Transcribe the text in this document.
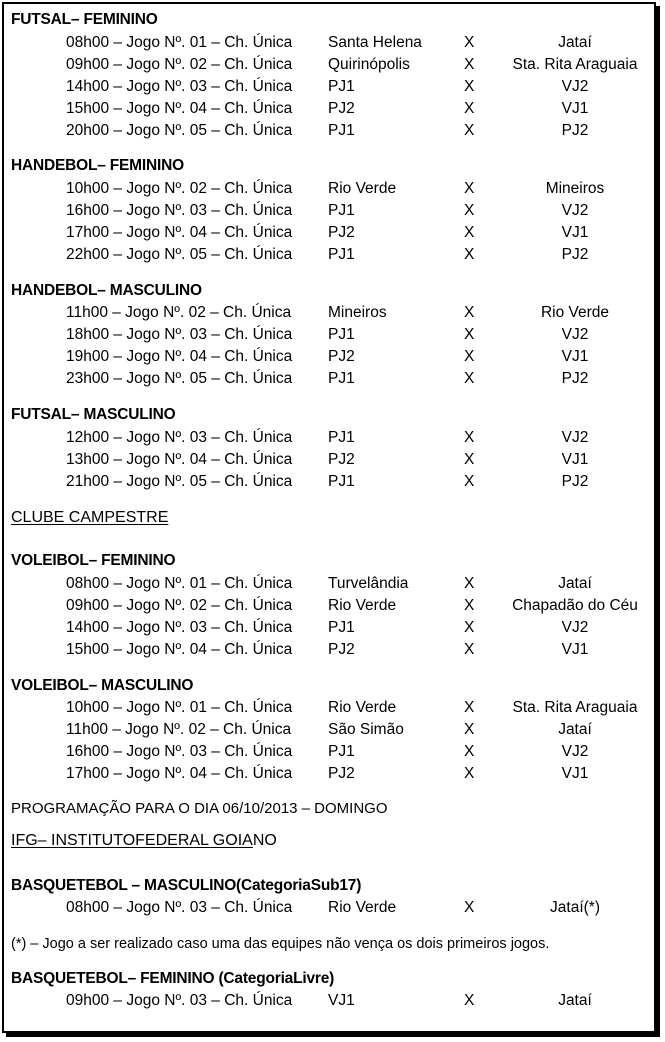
FUTSAL– FEMININO
08h00 – Jogo Nº. 01 – Ch. Única Santa Helena	X	Jataí
09h00 – Jogo Nº. 02 – Ch. Única Quirinópolis	X	Sta. Rita Araguaia
14h00 – Jogo Nº. 03 – Ch. Única PJ1	X	VJ2
15h00 – Jogo Nº. 04 – Ch. Única PJ2	X	VJ1
20h00 – Jogo Nº. 05 – Ch. Única PJ1	X	PJ2
HANDEBOL– FEMININO
10h00 – Jogo Nº. 02 – Ch. Única Rio Verde	X	Mineiros
16h00 – Jogo Nº. 03 – Ch. Única PJ1	X	VJ2
17h00 – Jogo Nº. 04 – Ch. Única PJ2	X	VJ1
22h00 – Jogo Nº. 05 – Ch. Única PJ1	X	PJ2
HANDEBOL– MASCULINO
11h00 – Jogo Nº. 02 – Ch. Única Mineiros	X	Rio Verde
18h00 – Jogo Nº. 03 – Ch. Única PJ1	X	VJ2
19h00 – Jogo Nº. 04 – Ch. Única PJ2	X	VJ1
23h00 – Jogo Nº. 05 – Ch. Única PJ1	X	PJ2
FUTSAL– MASCULINO
12h00 – Jogo Nº. 03 – Ch. Única PJ1	X	VJ2
13h00 – Jogo Nº. 04 – Ch. Única PJ2	X	VJ1
21h00 – Jogo Nº. 05 – Ch. Única PJ1	X	PJ2
CLUBE CAMPESTRE
VOLEIBOL– FEMININO
08h00 – Jogo Nº. 01 – Ch. Única Turvelândia	X	Jataí
09h00 – Jogo Nº. 02 – Ch. Única Rio Verde	X	Chapadão do Céu
14h00 – Jogo Nº. 03 – Ch. Única PJ1	X	VJ2
15h00 – Jogo Nº. 04 – Ch. Única PJ2	X	VJ1
VOLEIBOL– MASCULINO
10h00 – Jogo Nº. 01 – Ch. Única Rio Verde	X	Sta. Rita Araguaia
11h00 – Jogo Nº. 02 – Ch. Única São Simão	X	Jataí
16h00 – Jogo Nº. 03 – Ch. Única PJ1	X	VJ2
17h00 – Jogo Nº. 04 – Ch. Única PJ2	X	VJ1
PROGRAMAÇÃO PARA O DIA 06/10/2013 – DOMINGO
IFG– INSTITUTOFEDERAL GOIANO
BASQUETEBOL – MASCULINO(CategoriaSub17)
08h00 – Jogo Nº. 03 – Ch. Única Rio Verde	X	Jataí(*)
(*) – Jogo a ser realizado caso uma das equipes não vença os dois primeiros jogos.
BASQUETEBOL– FEMININO (CategoriaLivre)
09h00 – Jogo Nº. 03 – Ch. Única VJ1	X	Jataí
